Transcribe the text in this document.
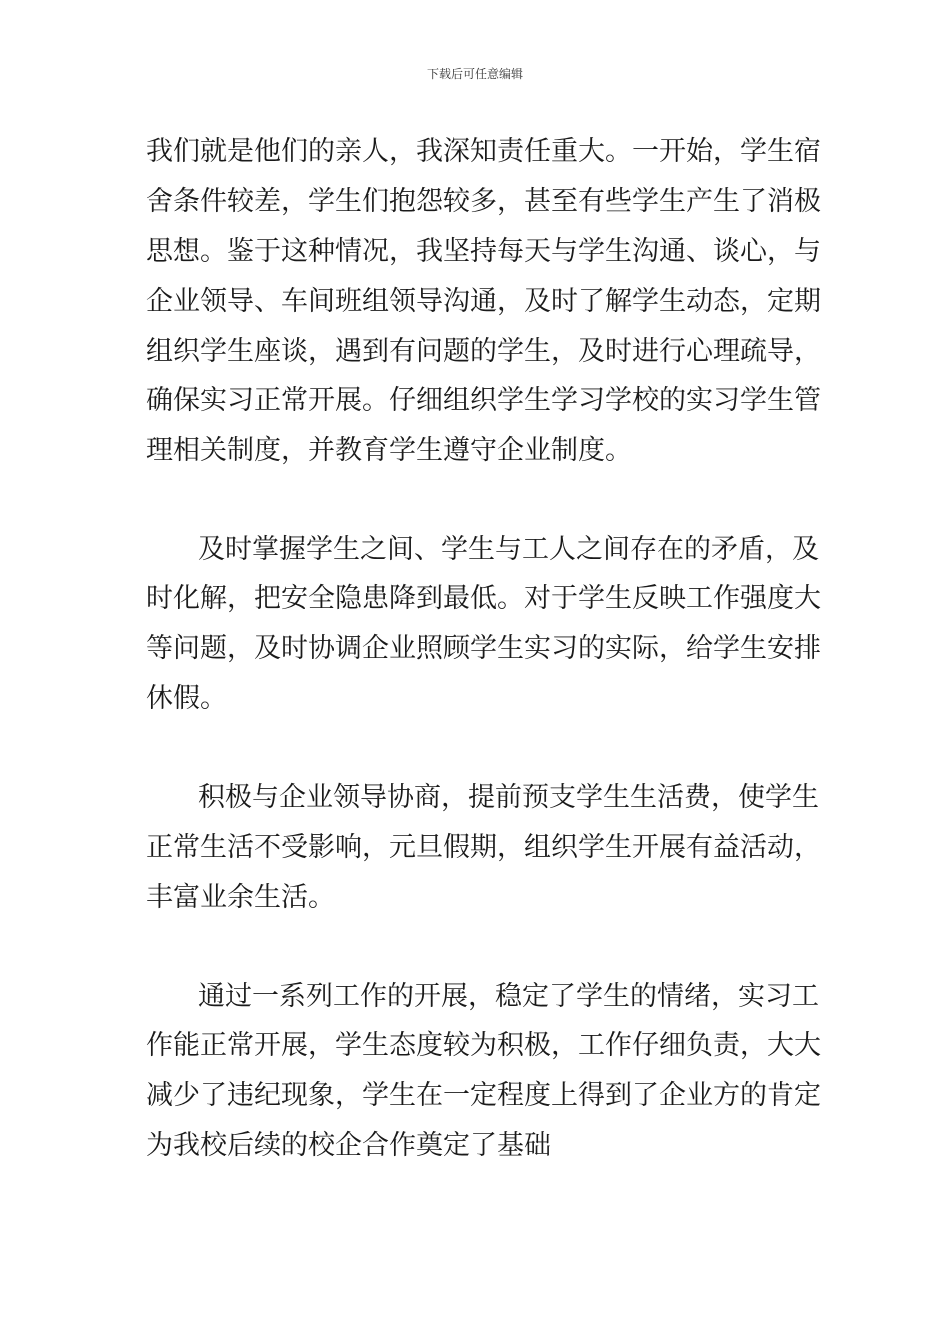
下载后可任意编辑
我们就是他们的亲人，我深知责任重大。一开始，学生宿
舍条件较差，学生们抱怨较多，甚至有些学生产生了消极
思想。鉴于这种情况，我坚持每天与学生沟通、谈心，与
企业领导、车间班组领导沟通，及时了解学生动态，定期
组织学生座谈，遇到有问题的学生，及时进行心理疏导，
确保实习正常开展。仔细组织学生学习学校的实习学生管
理相关制度，并教育学生遵守企业制度。
及时掌握学生之间、学生与工人之间存在的矛盾，及
时化解，把安全隐患降到最低。对于学生反映工作强度大
等问题，及时协调企业照顾学生实习的实际，给学生安排
休假。
积极与企业领导协商，提前预支学生生活费，使学生
正常生活不受影响，元旦假期，组织学生开展有益活动，
丰富业余生活。
通过一系列工作的开展，稳定了学生的情绪，实习工
作能正常开展，学生态度较为积极，工作仔细负责，大大
减少了违纪现象，学生在一定程度上得到了企业方的肯定
为我校后续的校企合作奠定了基础
